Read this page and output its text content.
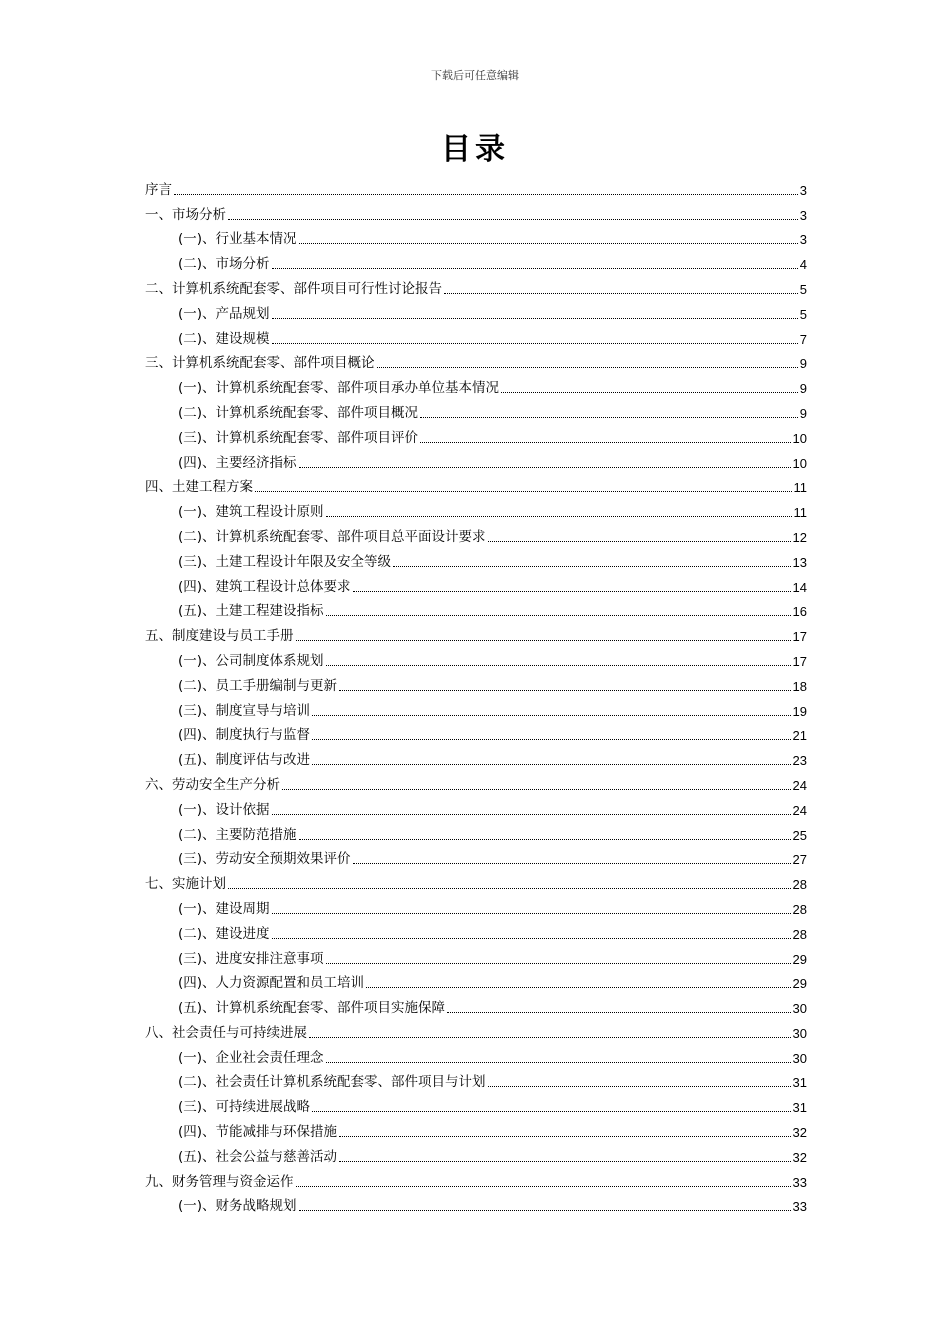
下载后可任意编辑
目录
序言	3
一、市场分析	3
(一)、行业基本情况	3
(二)、市场分析	4
二、计算机系统配套零、部件项目可行性讨论报告	5
(一)、产品规划	5
(二)、建设规模	7
三、计算机系统配套零、部件项目概论	9
(一)、计算机系统配套零、部件项目承办单位基本情况	9
(二)、计算机系统配套零、部件项目概况	9
(三)、计算机系统配套零、部件项目评价	10
(四)、主要经济指标	10
四、土建工程方案	11
(一)、建筑工程设计原则	11
(二)、计算机系统配套零、部件项目总平面设计要求	12
(三)、土建工程设计年限及安全等级	13
(四)、建筑工程设计总体要求	14
(五)、土建工程建设指标	16
五、制度建设与员工手册	17
(一)、公司制度体系规划	17
(二)、员工手册编制与更新	18
(三)、制度宣导与培训	19
(四)、制度执行与监督	21
(五)、制度评估与改进	23
六、劳动安全生产分析	24
(一)、设计依据	24
(二)、主要防范措施	25
(三)、劳动安全预期效果评价	27
七、实施计划	28
(一)、建设周期	28
(二)、建设进度	28
(三)、进度安排注意事项	29
(四)、人力资源配置和员工培训	29
(五)、计算机系统配套零、部件项目实施保障	30
八、社会责任与可持续进展	30
(一)、企业社会责任理念	30
(二)、社会责任计算机系统配套零、部件项目与计划	31
(三)、可持续进展战略	31
(四)、节能减排与环保措施	32
(五)、社会公益与慈善活动	32
九、财务管理与资金运作	33
(一)、财务战略规划	33
